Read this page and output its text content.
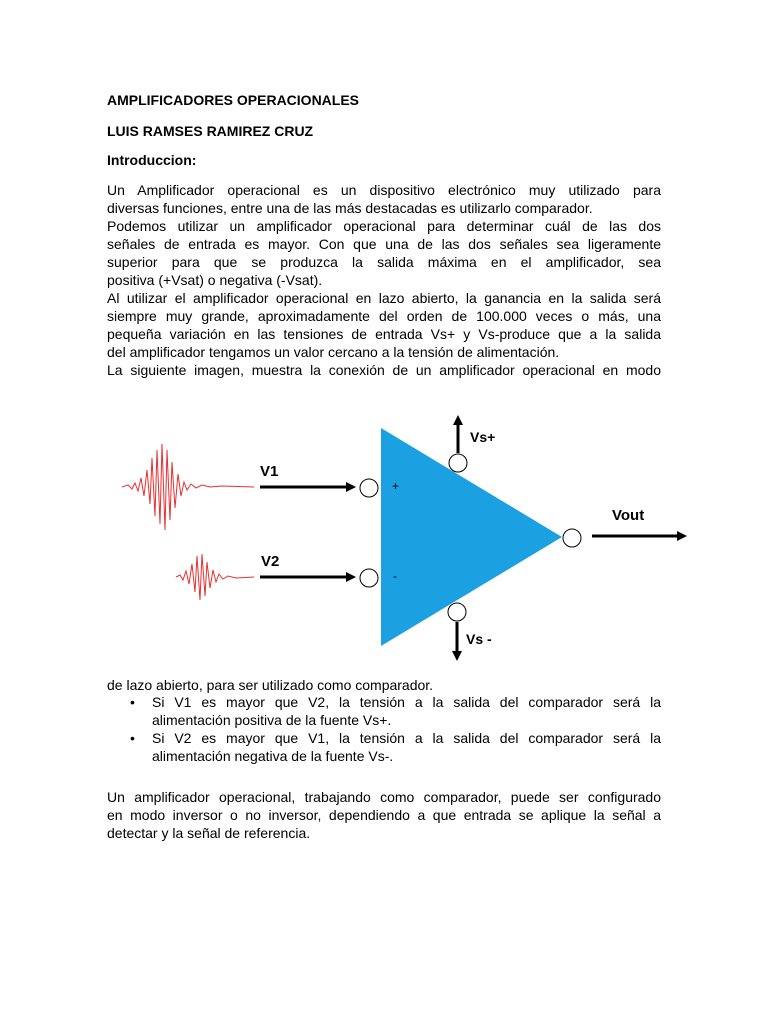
AMPLIFICADORES OPERACIONALES
LUIS RAMSES RAMIREZ CRUZ
Introduccion:
Un Amplificador operacional es un dispositivo electrónico muy utilizado para
diversas funciones, entre una de las más destacadas es utilizarlo comparador.
Podemos utilizar un amplificador operacional para determinar cuál de las dos
señales de entrada es mayor. Con que una de las dos señales sea ligeramente
superior para que se produzca la salida máxima en el amplificador, sea
positiva (+Vsat) o negativa (-Vsat).
Al utilizar el amplificador operacional en lazo abierto, la ganancia en la salida será
siempre muy grande, aproximadamente del orden de 100.000 veces o más, una
pequeña variación en las tensiones de entrada Vs+ y Vs-produce que a la salida
del amplificador tengamos un valor cercano a la tensión de alimentación.
La siguiente imagen, muestra la conexión de un amplificador operacional en modo
V1
+
V2
-
Vs+
Vs -
Vout
de lazo abierto, para ser utilizado como comparador.
• Si V1 es mayor que V2, la tensión a la salida del comparador será la
alimentación positiva de la fuente Vs+.
• Si V2 es mayor que V1, la tensión a la salida del comparador será la
alimentación negativa de la fuente Vs-.
Un amplificador operacional, trabajando como comparador, puede ser configurado
en modo inversor o no inversor, dependiendo a que entrada se aplique la señal a
detectar y la señal de referencia.
